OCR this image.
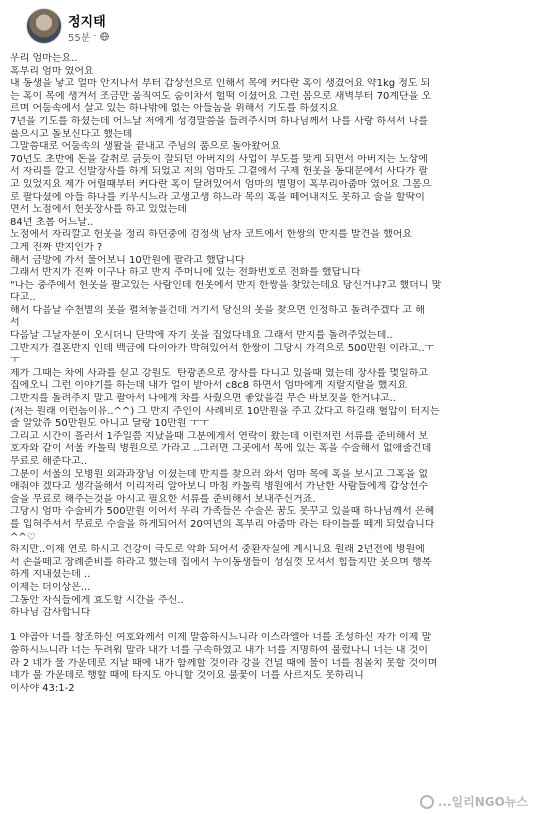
정지태
55분 ·
우리 엄마는요..
혹부리 엄마 였어요
내 동생을 낳고 얼마 안지나서 부터 갑상선으로 인해서 목에 커다란 혹이 생겼어요 약1kg 정도 되
는 혹이 목에 생겨서 조금만 움직여도 숨이차서 헐떡 이셨어요 그런 몸으로 새벽부터 70계단을 오
르며 어둠속에서 살고 있는 하나밖에 없는 아들놈을 위해서 기도를 하셨지요
7년을 기도를 하셨는데 어느날 저에게 성경말씀을 들려주시며 하나님께서 나를 사랑 하셔서 나를
풀으시고 돌보신다고 했는데
그말씀대로 어둠속의 생활을 끝내고 주님의 품으로 돌아왔어요
70년도 초반에 돈을 갈취로 긁듯이 잘되던 아버지의 사업이 부도를 맞게 되면서 아버지는 노상에
서 자리를 깔고 신발장사를 하게 되었고 저의 엄마도 그곁에서 구제 헌옷을 동대문에서 사다가 팔
고 있었지요 제가 어릴때부터 커다란 혹이 달려있어서 엄마의 별명이 혹부리아줌마 였어요 그몸으
로 팔다셨에 아들 하나를 키우시느라 고생고생 하느라 목의 혹을 떼어내지도 못하고 술을 할딱이
면서 노점에서 헌옷장사를 하고 있었는데
84년 초봄 어느날..
노점에서 자리깔고 헌옷을 정리 하던중에 검정색 남자 코트에서 한쌍의 반지를 발견을 했어요
그게 진짜 반지인가 ?
해서 금방에 가서 물어보니 10만원에 팔라고 했답니다
그래서 반지가 진짜 이구나 하고 반지 주머니에 있는 전화번호로 전화를 했답니다
"나는 충주에서 헌옷을 팔고있는 사람인데 헌옷에서 반지 한쌍을 찾았는데요 당신거냐?고 했더니 맞
다고..
해서 다음날 수천볕의 옷을 펼쳐놓을건데 거기서 당신의 옷을 찾으면 인정하고 돌려주겠다 고 해
서
다음날 그날자분이 오시더니 단박에 자기 옷을 집었다네요 그래서 반지를 돌려주었는데..
그반지가 결혼반지 인데 백금에 다이아가 박혀있어서 한쌍이 그당시 가격으로 500만원 이라고..ㅜ
ㅜ
제가 그때는 차에 사과를 싣고 강원도  탄광촌으로 장사를 다니고 있을때 였는데 장사를 몇일하고
집에오니 그런 이야기를 하는데 내가 얼이 받아서 c8c8 하면서 엄마에게 지랄지랄을 했지요
그반지를 돌려주지 말고 팔아서 나에게 차를 사줬으면 좋았을걸 무슨 바보짓을 한거냐고..
(저는 원래 이런놈이유..^^) 그 반지 주인이 사례비로 10만원을 주고 갔다고 하길래 혈압이 터지는
줄 알았쥬 50만원도 아니고 달랑 10만원 ㅜㅜ
그리고 시간이 흘러서 1주일쯤 지났을때 그분에게서 연락이 왔는데 이런저런 서류를 준비해서 보
호자와 같이 서울 카톨릭 병원으로 가라고 ..그러면 그곳에서 목에 있는 혹을 수술해서 없애줄건데
무료로 해준다고..
그분이 서울의 모병원 외과과장님 이셨는데 반지를 찾으러 와서 엄마 목에 혹을 보시고 그혹을 없
애줘야 겠다고 생각을해서 이리저리 알아보니 마침 카톨릭 병원에서 가난한 사람들에게 갑상선수
술을 무료로 해주는것을 아시고 필요한 서류를 준비해서 보내주신거죠.
그당시 엄마 수술비가 500만원 이어서 우리 가족들은 수술은 꿈도 못꾸고 있을때 하나님께서 은혜
를 입혀주셔서 무료로 수술을 하게되어서 20여년의 혹부리 아줌마 라는 타이틀를 떼게 되었습니다
^^♡
하지만..이제 연로 하시고 건강이 극도로 악화 되어서 중환자실에 계시니요 원래 2년전에 병원에
서 손을떼고 장례준비를 하라고 했는데 집에서 누이동생들이 성심껏 모셔서 힘들지만 옷으며 행복
하게 지내셨는데 ..
이제는 더이상은...
그동안 자식들에게 효도할 시간을 주신..
하나님 감사합니다
1 야곱아 너를 창조하신 여호와께서 이제 말씀하시느니라 이스라엘아 너를 조성하신 자가 이제 말
씀하시느니라 너는 두려워 말라 내가 너를 구속하였고 내가 너를 지명하여 불렀나니 너는 내 것이
라 2 네가 물 가운데로 지날 때에 내가 함께할 것이라 강을 건널 때에 물이 너를 침몰치 못할 것이며
네가 불 가운데로 행할 때에 타지도 아니할 것이요 불꽃이 너를 사르지도 못하리니
이사야 43:1-2
...일리NGO뉴스
